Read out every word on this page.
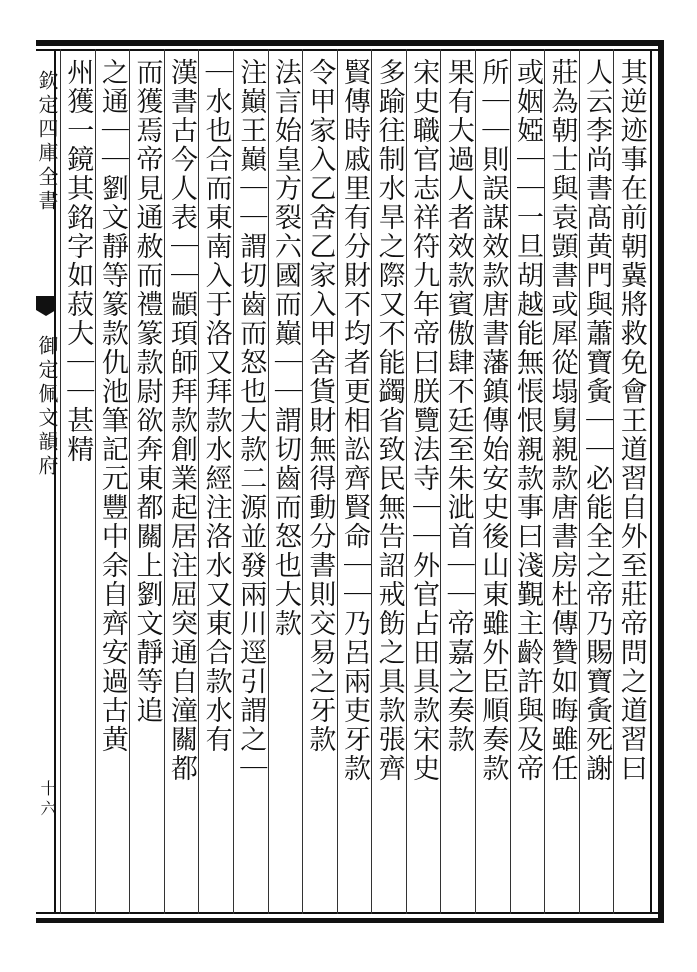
欽定四庫全書
御定佩文韻府
十六
其逆迹事在前朝冀將救免會王道習自外至莊帝問之道習曰
人云李尚書髙黄門與蕭寶夤｜｜必能全之帝乃賜寶夤死謝
莊為朝士與袁顗書或犀從塌舅親款唐書房杜傳贊如晦雖任
或姻婭｜｜一旦胡越能無悵恨親款事曰淺覲主齡許與及帝
所｜｜則誤謀效款唐書藩鎮傳始安史後山東雖外臣順奏款
果有大過人者效款賓傲肆不廷至朱泚首｜｜帝嘉之奏款
宋史職官志祥符九年帝曰朕覽法寺｜｜外官占田具款宋史
多踰往制水旱之際又不能蠲省致民無告詔戒飭之具款張齊
賢傳時戚里有分財不均者更相訟齊賢命｜｜乃呂兩吏牙款
令甲家入乙舍乙家入甲舍貨財無得動分書則交易之牙款
法言始皇方裂六國而巔｜｜謂切齒而怒也大款
注巔王巔｜｜謂切齒而怒也大款二源並發兩川逕引謂之｜
｜水也合而東南入于洛又拜款水經注洛水又東合款水有
漢書古今人表｜｜顓頊師拜款創業起居注屈突通自潼關都
而獲焉帝見通赦而禮篆款尉欲奔東都關上劉文靜等追
之通｜｜劉文靜等篆款仇池筆記元豐中余自齊安過古黄
州獲一鏡其銘字如菽大｜｜甚精
